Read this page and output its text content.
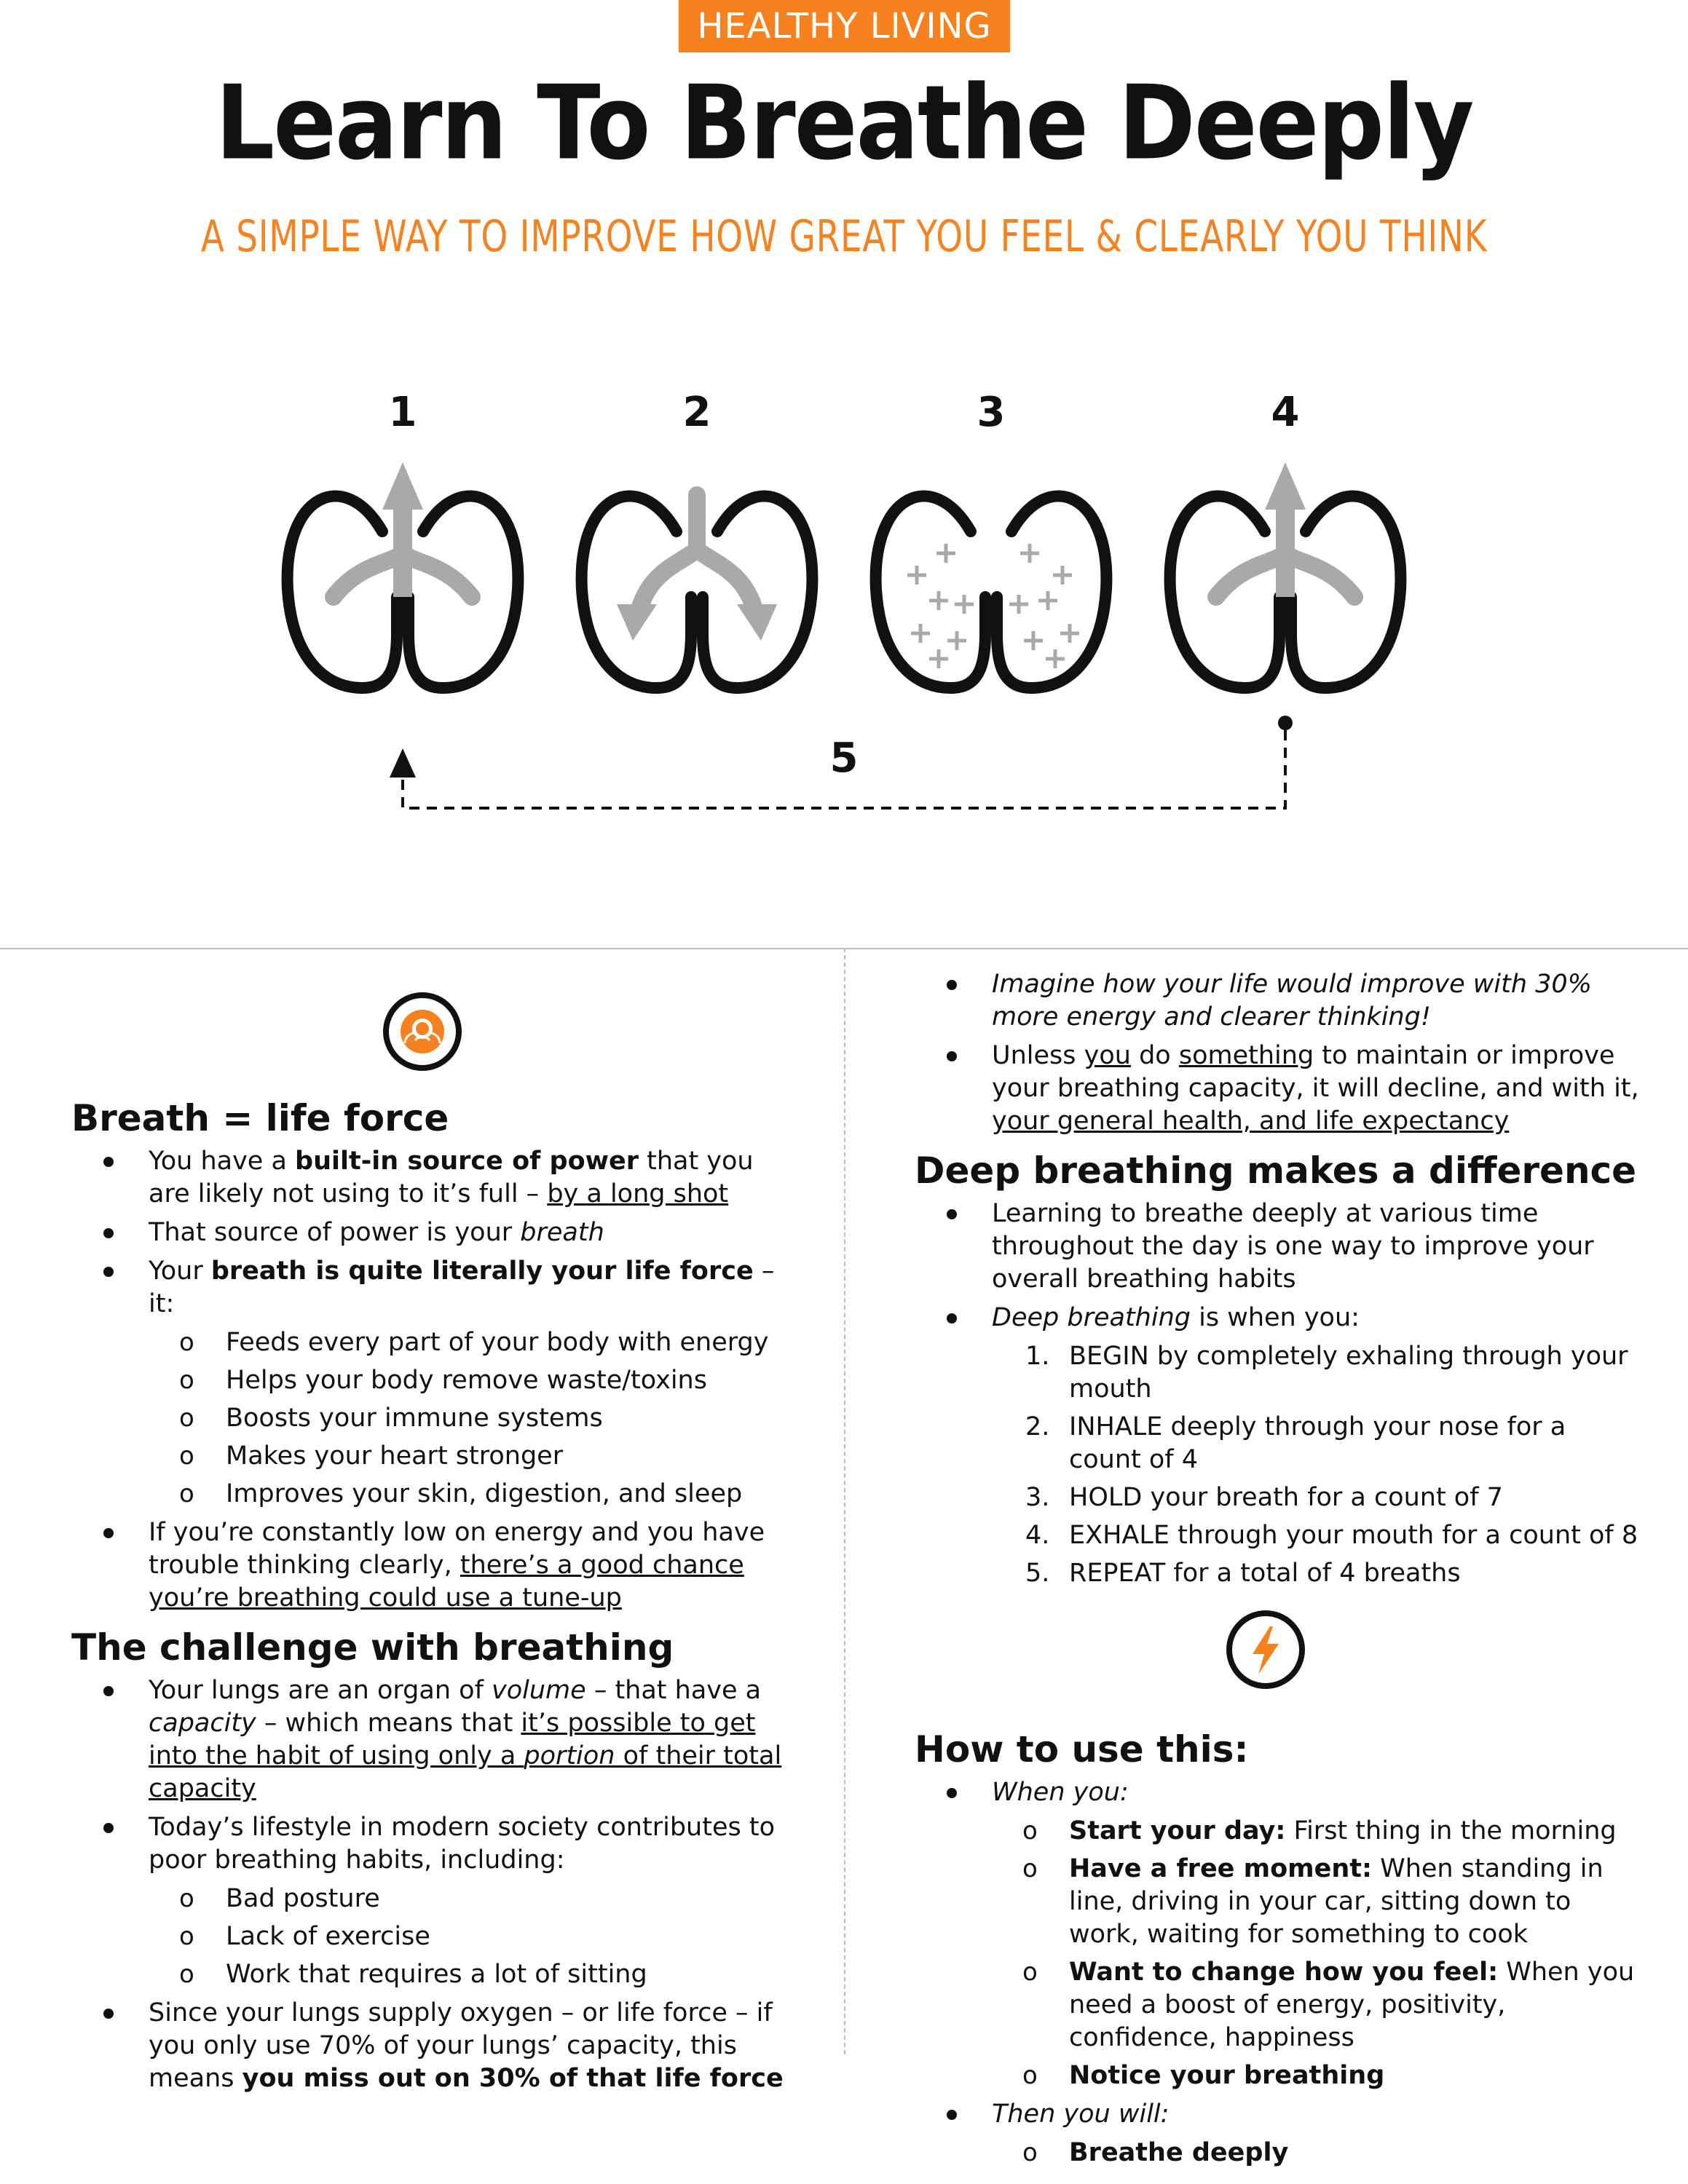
HEALTHY LIVING
Learn To Breathe Deeply
A SIMPLE WAY TO IMPROVE HOW GREAT YOU FEEL & CLEARLY YOU THINK
1	2	3	4
5
Breath = life force
You have a built-in source of power that you are likely not using to it’s full – by a long shot
That source of power is your breath
Your breath is quite literally your life force – it:
o Feeds every part of your body with energy
o Helps your body remove waste/toxins
o Boosts your immune systems
o Makes your heart stronger
o Improves your skin, digestion, and sleep
If you’re constantly low on energy and you have trouble thinking clearly, there’s a good chance you’re breathing could use a tune-up
The challenge with breathing
Your lungs are an organ of volume – that have a capacity – which means that it’s possible to get into the habit of using only a portion of their total capacity
Today’s lifestyle in modern society contributes to poor breathing habits, including:
o Bad posture
o Lack of exercise
o Work that requires a lot of sitting
Since your lungs supply oxygen – or life force – if you only use 70% of your lungs’ capacity, this means you miss out on 30% of that life force
Imagine how your life would improve with 30% more energy and clearer thinking!
Unless you do something to maintain or improve your breathing capacity, it will decline, and with it, your general health, and life expectancy
Deep breathing makes a difference
Learning to breathe deeply at various time throughout the day is one way to improve your overall breathing habits
Deep breathing is when you:
1. BEGIN by completely exhaling through your mouth
2. INHALE deeply through your nose for a count of 4
3. HOLD your breath for a count of 7
4. EXHALE through your mouth for a count of 8
5. REPEAT for a total of 4 breaths
How to use this:
When you:
o Start your day: First thing in the morning
o Have a free moment: When standing in line, driving in your car, sitting down to work, waiting for something to cook
o Want to change how you feel: When you need a boost of energy, positivity, confidence, happiness
o Notice your breathing
Then you will:
o Breathe deeply
